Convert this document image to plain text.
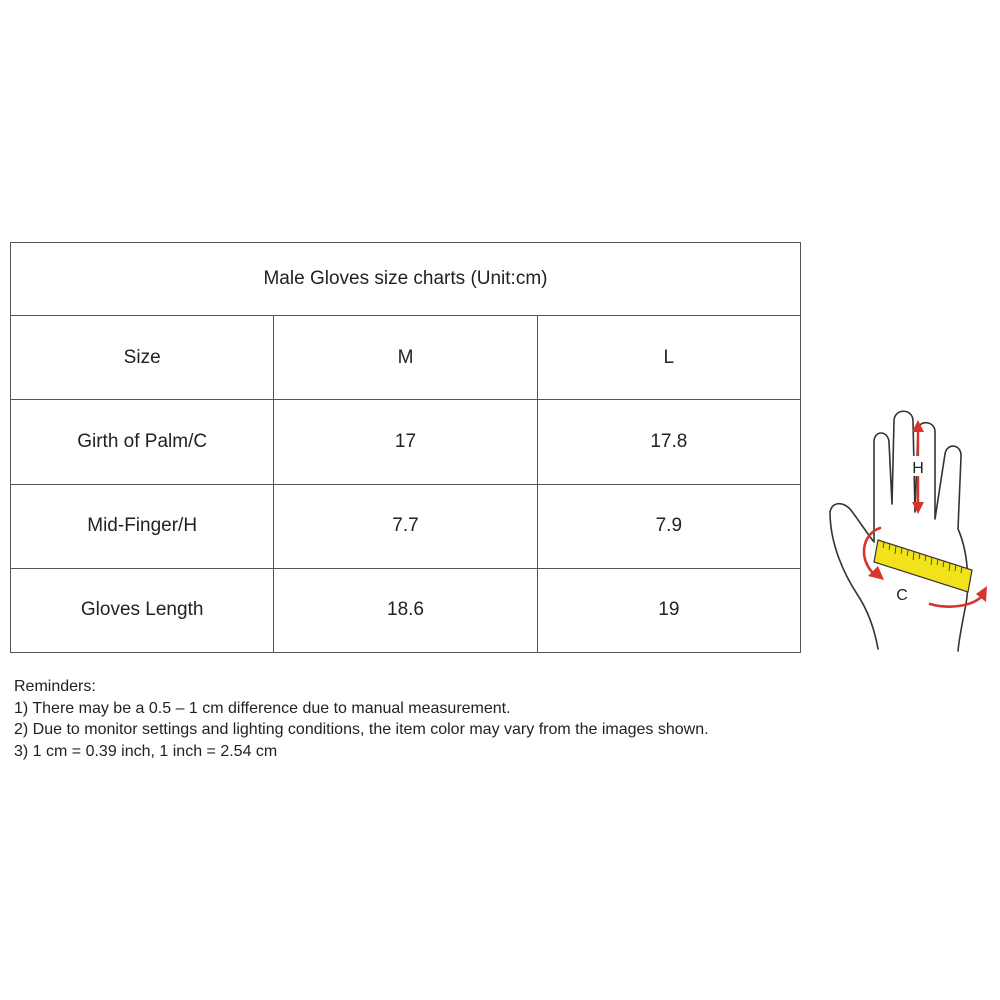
Male Gloves size charts (Unit:cm)		
Size	M	L
Girth of Palm/C	17	17.8
Mid-Finger/H	7.7	7.9
Gloves Length	18.6	19
H
C
Reminders:
1) There may be a 0.5 – 1 cm difference due to manual measurement.
2) Due to monitor settings and lighting conditions, the item color may vary from the images shown.
3) 1 cm = 0.39 inch, 1 inch = 2.54 cm
